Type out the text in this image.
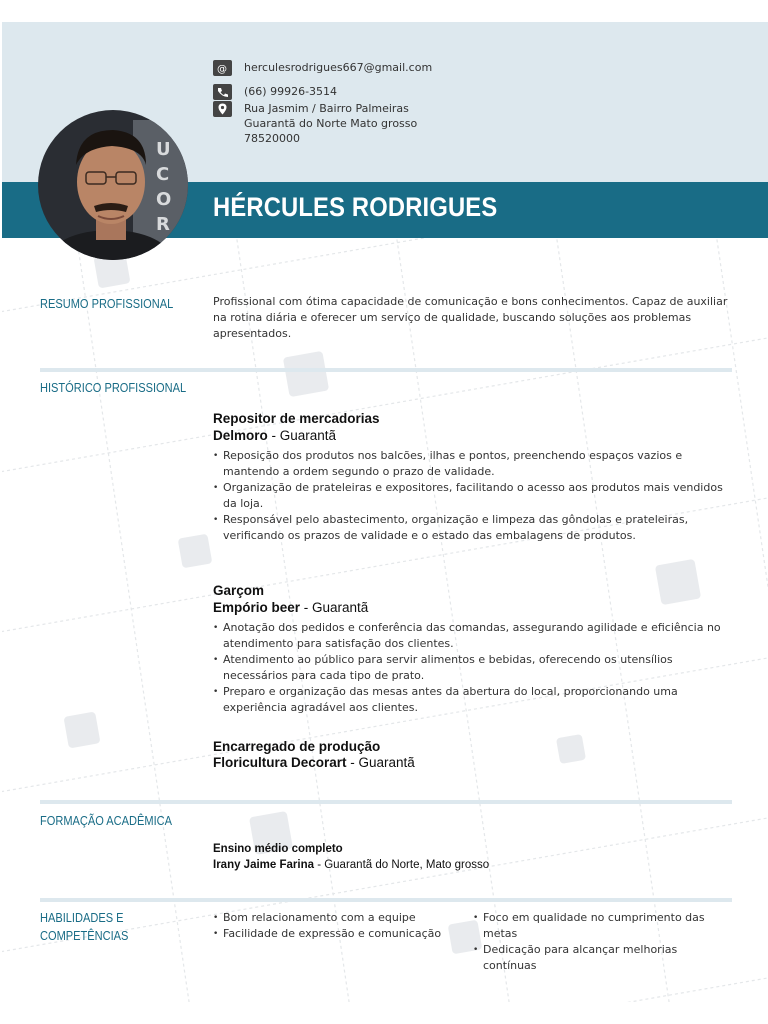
HÉRCULES RODRIGUES
U
C
O
R
@ herculesrodrigues667@gmail.com
(66) 99926-3514
Rua Jasmim / Bairro Palmeiras
Guarantã do Norte Mato grosso
78520000
RESUMO PROFISSIONAL	Profissional com ótima capacidade de comunicação e bons conhecimentos. Capaz de auxiliar na rotina diária e oferecer um serviço de qualidade, buscando soluções aos problemas apresentados.
HISTÓRICO PROFISSIONAL
Repositor de mercadorias
Delmoro - Guarantã
• Reposição dos produtos nos balcões, ilhas e pontos, preenchendo espaços vazios e mantendo a ordem segundo o prazo de validade.
• Organização de prateleiras e expositores, facilitando o acesso aos produtos mais vendidos da loja.
• Responsável pelo abastecimento, organização e limpeza das gôndolas e prateleiras, verificando os prazos de validade e o estado das embalagens de produtos.
Garçom
Empório beer - Guarantã
• Anotação dos pedidos e conferência das comandas, assegurando agilidade e eficiência no atendimento para satisfação dos clientes.
• Atendimento ao público para servir alimentos e bebidas, oferecendo os utensílios necessários para cada tipo de prato.
• Preparo e organização das mesas antes da abertura do local, proporcionando uma experiência agradável aos clientes.
Encarregado de produção
Floricultura Decorart - Guarantã
FORMAÇÃO ACADÊMICA
Ensino médio completo
Irany Jaime Farina - Guarantã do Norte, Mato grosso
HABILIDADES E
COMPETÊNCIAS
• Bom relacionamento com a equipe
• Facilidade de expressão e comunicação
• Foco em qualidade no cumprimento das metas
• Dedicação para alcançar melhorias contínuas
